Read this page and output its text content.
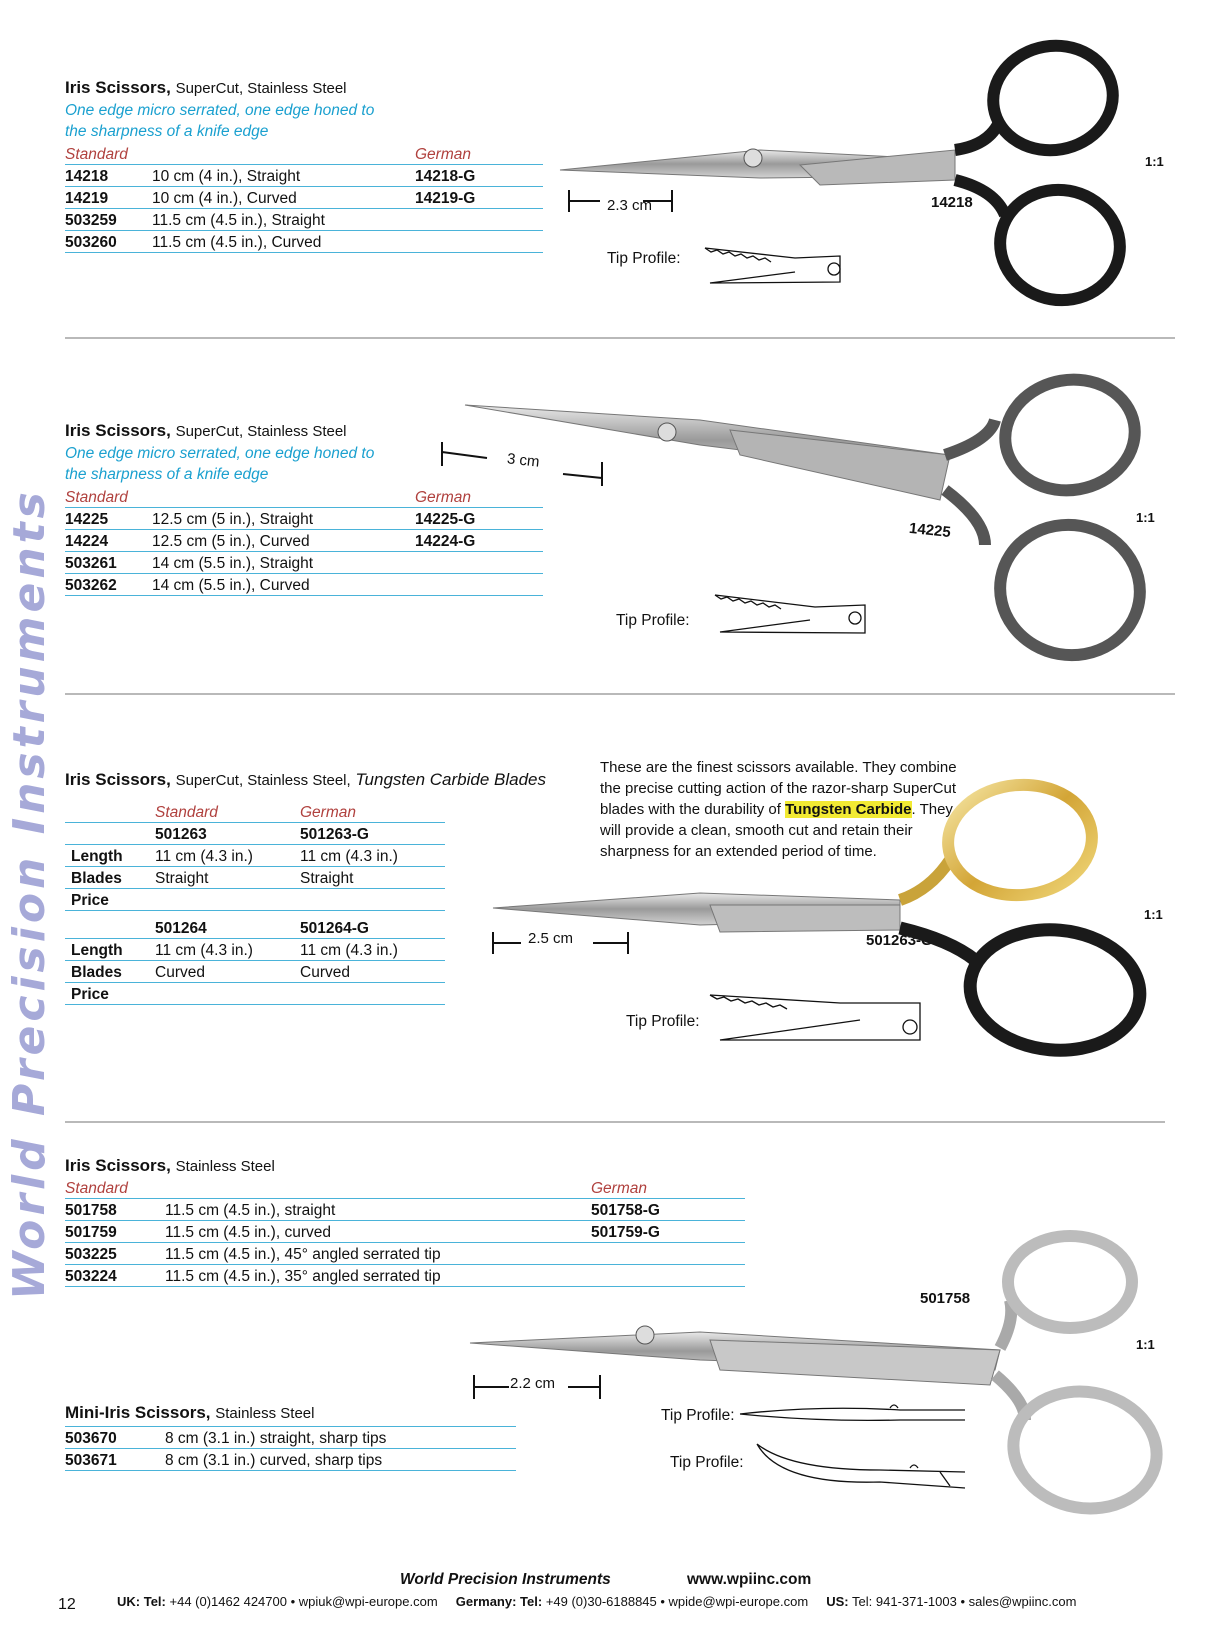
World Precision Instruments
Iris Scissors, SuperCut, Stainless Steel
One edge micro serrated, one edge honed to
the sharpness of a knife edge
Standard		German
14218	10 cm (4 in.), Straight	14218-G
14219	10 cm (4 in.), Curved	14219-G
503259	11.5 cm (4.5 in.), Straight	
503260	11.5 cm (4.5 in.), Curved	
2.3 cm
1:1
14218
Tip Profile:
Iris Scissors, SuperCut, Stainless Steel
One edge micro serrated, one edge honed to
the sharpness of a knife edge
Standard		German
14225	12.5 cm (5 in.), Straight	14225-G
14224	12.5 cm (5 in.), Curved	14224-G
503261	14 cm (5.5 in.), Straight	
503262	14 cm (5.5 in.), Curved	
3 cm
1:1
14225
Tip Profile:
Iris Scissors, SuperCut, Stainless Steel, Tungsten Carbide Blades
	Standard	German
	501263	501263-G
Length	11 cm (4.3 in.)	11 cm (4.3 in.)
Blades	Straight	Straight
Price		
	501264	501264-G
Length	11 cm (4.3 in.)	11 cm (4.3 in.)
Blades	Curved	Curved
Price		
These are the finest scissors available. They combine the precise cutting action of the razor-sharp SuperCut blades with the durability of Tungsten Carbide. They will provide a clean, smooth cut and retain their sharpness for an extended period of time.
2.5 cm
1:1
501263-G
Tip Profile:
Iris Scissors, Stainless Steel
Standard		German
501758	11.5 cm (4.5 in.), straight	501758-G
501759	11.5 cm (4.5 in.), curved	501759-G
503225	11.5 cm (4.5 in.), 45° angled serrated tip	
503224	11.5 cm (4.5 in.), 35° angled serrated tip	
Mini-Iris Scissors, Stainless Steel
503670	8 cm (3.1 in.) straight, sharp tips
503671	8 cm (3.1 in.) curved, sharp tips
2.2 cm
1:1
501758
Tip Profile:
Tip Profile:
World Precision Instruments	www.wpiinc.com
12	UK: Tel: +44 (0)1462 424700 • wpiuk@wpi-europe.com Germany: Tel: +49 (0)30-6188845 • wpide@wpi-europe.com US: Tel: 941-371-1003 • sales@wpiinc.com
